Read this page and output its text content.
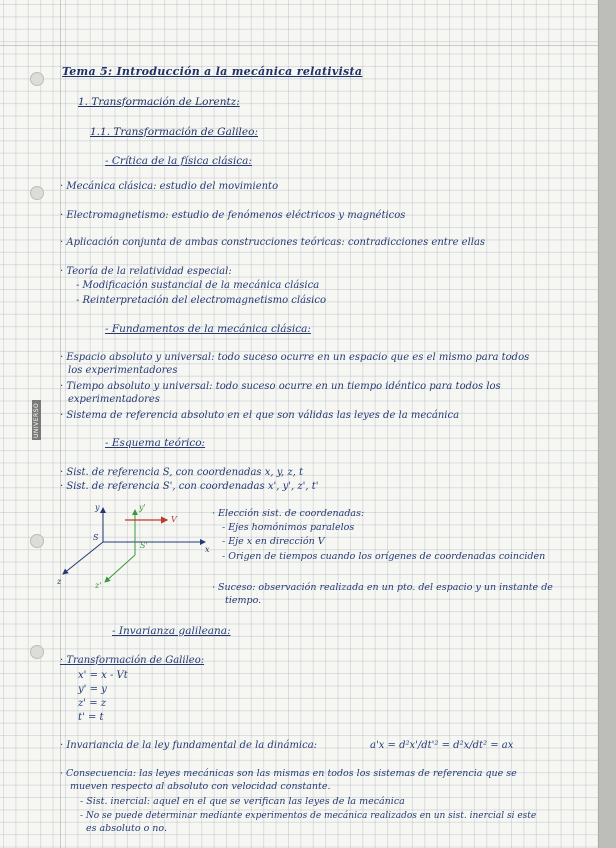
UNIVERSO
Tema 5: Introducción a la mecánica relativista
1. Transformación de Lorentz:
1.1. Transformación de Galileo:
- Crítica de la física clásica:
· Mecánica clásica: estudio del movimiento
· Electromagnetismo: estudio de fenómenos eléctricos y magnéticos
· Aplicación conjunta de ambas construcciones teóricas: contradicciones entre ellas
· Teoría de la relatividad especial:
- Modificación sustancial de la mecánica clásica
- Reinterpretación del electromagnetismo clásico
- Fundamentos de la mecánica clásica:
· Espacio absoluto y universal: todo suceso ocurre en un espacio que es el mismo para todos
los experimentadores
· Tiempo absoluto y universal: todo suceso ocurre en un tiempo idéntico para todos los
experimentadores
· Sistema de referencia absoluto en el que son válidas las leyes de la mecánica
- Esquema teórico:
· Sist. de referencia S, con coordenadas x, y, z, t
· Sist. de referencia S', con coordenadas x', y', z', t'
y	y'
V
S
S'	x
z	z'
· Elección sist. de coordenadas:
- Ejes homónimos paralelos
- Eje x en dirección V
- Origen de tiempos cuando los orígenes de coordenadas coinciden
· Suceso: observación realizada en un pto. del espacio y un instante de
tiempo.
- Invarianza galileana:
· Transformación de Galileo:
x' = x - Vt
y' = y
z' = z
t' = t
· Invariancia de la ley fundamental de la dinámica:	a'x = d²x'/dt'² = d²x/dt² = ax
· Consecuencia: las leyes mecánicas son las mismas en todos los sistemas de referencia que se
mueven respecto al absoluto con velocidad constante.
- Sist. inercial: aquel en el que se verifican las leyes de la mecánica
- No se puede determinar mediante experimentos de mecánica realizados en un sist. inercial si este
es absoluto o no.
